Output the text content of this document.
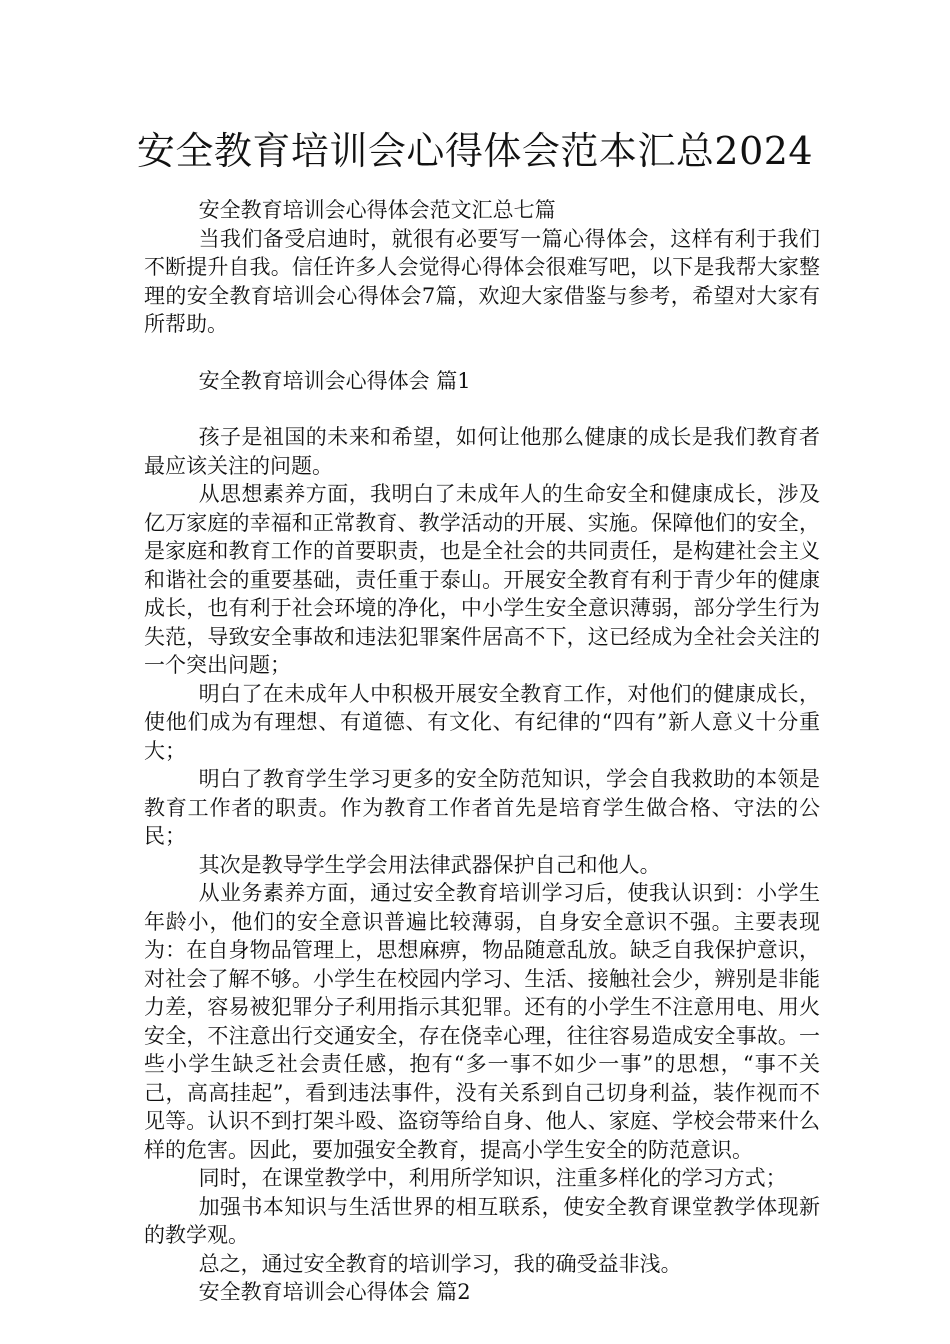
安全教育培训会心得体会范本汇总2024

安全教育培训会心得体会范文汇总七篇

当我们备受启迪时，就很有必要写一篇心得体会，这样有利于我们不断提升自我。信任许多人会觉得心得体会很难写吧，以下是我帮大家整理的安全教育培训会心得体会7篇，欢迎大家借鉴与参考，希望对大家有所帮助。

安全教育培训会心得体会 篇1

孩子是祖国的未来和希望，如何让他那么健康的成长是我们教育者最应该关注的问题。

从思想素养方面，我明白了未成年人的生命安全和健康成长，涉及亿万家庭的幸福和正常教育、教学活动的开展、实施。保障他们的安全，是家庭和教育工作的首要职责，也是全社会的共同责任，是构建社会主义和谐社会的重要基础，责任重于泰山。开展安全教育有利于青少年的健康成长，也有利于社会环境的净化，中小学生安全意识薄弱，部分学生行为失范，导致安全事故和违法犯罪案件居高不下，这已经成为全社会关注的一个突出问题；

明白了在未成年人中积极开展安全教育工作，对他们的健康成长，使他们成为有理想、有道德、有文化、有纪律的“四有”新人意义十分重大；

明白了教育学生学习更多的安全防范知识，学会自我救助的本领是教育工作者的职责。作为教育工作者首先是培育学生做合格、守法的公民；

其次是教导学生学会用法律武器保护自己和他人。

从业务素养方面，通过安全教育培训学习后，使我认识到：小学生年龄小，他们的安全意识普遍比较薄弱，自身安全意识不强。主要表现为：在自身物品管理上，思想麻痹，物品随意乱放。缺乏自我保护意识，对社会了解不够。小学生在校园内学习、生活、接触社会少，辨别是非能力差，容易被犯罪分子利用指示其犯罪。还有的小学生不注意用电、用火安全，不注意出行交通安全，存在侥幸心理，往往容易造成安全事故。一些小学生缺乏社会责任感，抱有“多一事不如少一事”的思想，“事不关己，高高挂起”，看到违法事件，没有关系到自己切身利益，装作视而不见等。认识不到打架斗殴、盗窃等给自身、他人、家庭、学校会带来什么样的危害。因此，要加强安全教育，提高小学生安全的防范意识。

同时，在课堂教学中，利用所学知识，注重多样化的学习方式；

加强书本知识与生活世界的相互联系，使安全教育课堂教学体现新的教学观。

总之，通过安全教育的培训学习，我的确受益非浅。

安全教育培训会心得体会 篇2
